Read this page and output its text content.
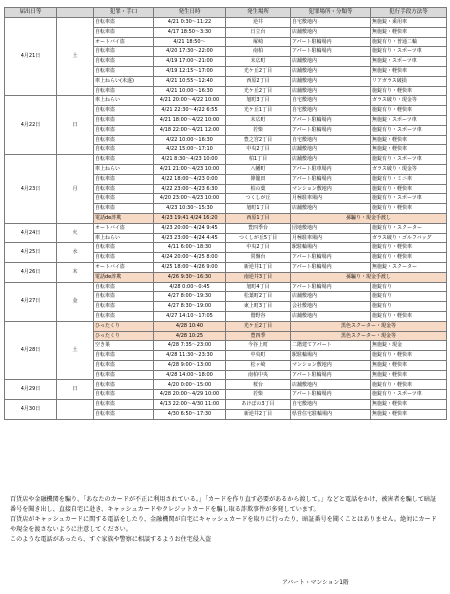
届出日等		犯罪・手口	発生日時	発生場所	犯罪場所・分類等	犯行手段方法等
4月21日	土	自転車盗	4/21 0:30～11:22	逆井	自宅敷地内	無施錠・乗用車
		自転車盗	4/17 18:50～3:30	日立台	店舗敷地内	無施錠・軽快車
		オートバイ盗	4/21 18:50～	塚崎	アパート駐輪場内	施錠有り・普通二輪
		自転車盗	4/20 17:30～22:00	南柏	アパート駐輪場内	施錠有り・スポーツ車
		自転車盗	4/19 17:00～21:00	末広町	店舗敷地内	無施錠・スポーツ車
		自転車盗	4/19 12:15～17:00	光ケ丘2丁目	店舗敷地内	無施錠・軽快車
		車上ねらい(未遂)	4/21 10:55～12:40	西原2丁目	店舗敷地内	リアガラス破損
		自転車盗	4/21 10:00～16:30	光ケ丘2丁目	店舗敷地内	施錠有り・軽快車
4月22日	日	車上ねらい	4/21 20:00～4/22 10:00	旭町3丁目	自宅敷地内	ガラス破り・現金等
		自転車盗	4/21 22:30～4/22 6:55	光ケ丘1丁目	自宅敷地内	施錠有り・軽快車
		自転車盗	4/21 18:00～4/22 10:00	末広町	アパート駐輪場内	無施錠・スポーツ車
		自転車盗	4/18 22:00～4/21 12:00	若柴	アパート駐輪場内	施錠有り・スポーツ車
		自転車盗	4/22 10:00～16:30	豊之宮2丁目	自宅敷地内	無施錠・軽快車
		自転車盗	4/22 15:00～17:10	中央2丁目	店舗敷地内	無施錠・軽快車
4月23日	月	自転車盗	4/21 8:30～4/23 10:00	柏1丁目	店舗敷地内	施錠有り・スポーツ車
		車上ねらい	4/21 21:00～4/23 10:00	八幡町	アパート駐車場内	ガラス破り・現金等
		自転車盗	4/22 18:00～4/23 0:00	篠籠田	アパート駐輪場内	施錠有り・ミニ車
		自転車盗	4/22 23:00～4/23 6:30	柏の葉	マンション敷地内	施錠有り・軽快車
		自転車盗	4/20 23:00～4/23 10:00	つくしが丘	月極駐車場内	施錠有り・スポーツ車
		自転車盗	4/23 10:30～15:30	旭町1丁目	店舗敷地内	施錠有り・軽快車
		電話de詐欺	4/23 19:41 4/24 16:20	西原1丁目	孫騙り・現金手渡し	
4月24日	火	オートバイ盗	4/23 20:00～4/24 9:45	豊四季台	団地敷地内	施錠有り・スクーター
		車上ねらい	4/23 23:00～4/24 4:45	つくしが丘5丁目	月極駐車場内	ガラス破り・ゴルフバッグ
4月25日	水	自転車盗	4/11 6:00～18:30	中央2丁目	駅駐輪場内	施錠有り・軽快車
		自転車盗	4/24 20:00～4/25 8:00	常盤台	アパート駐輪場内	施錠有り・軽快車
4月26日	木	オートバイ盗	4/25 18:00～4/26 9:00	新逆井1丁目	アパート駐輪場内	無施錠・スクーター
		電話de詐欺	4/26 9:30～16:30	南逆井3丁目	孫騙り・現金手渡し	
4月27日	金	自転車盗	4/28 0:00～0:45	旭町4丁目	アパート駐輪場内	施錠有り
		自転車盗	4/27 8:00～19:30	松葉町2丁目	店舗敷地内	施錠有り
		自転車盗	4/27 8:30～19:00	東上町3丁目	会社敷地内	施錠有り
		自転車盗	4/27 14:10～17:05	鷲野谷	店舗敷地内	施錠有り・軽快車
4月28日	土	ひったくり	4/28 10:40	光ケ丘2丁目	黒色スクーター・現金等	
		ひったくり	4/28 10:25	豊四季	黒色スクーター・現金等	
		空き巣	4/28 7:35～23:00	今谷上町	二階建てアパート	無施錠・現金
		自転車盗	4/28 11:30～23:30	中央町	駅駐輪場内	施錠有り・軽快車
		自転車盗	4/28 9:00～13:00	松ヶ崎	マンション敷地内	無施錠・軽快車
		自転車盗	4/28 14:00～18:00	南柏中央	アパート駐輪場内	無施錠・軽快車
4月29日	日	自転車盗	4/20 0:00～15:00	桜台	店舗敷地内	施錠有り・軽快車
		自転車盗	4/28 20:00～4/29 10:00	若柴	アパート駐輪場内	施錠有り・スポーツ車
4月30日		自転車盗	4/13 22:00～4/30 11:00	あけぼの3丁目	自宅敷地内	無施錠・軽快車
		自転車盗	4/30 6:50～17:30	新逆井2丁目	県営住宅駐輪場内	無施錠・軽快車

百貨店や金融機関を騙り、「あなたのカードが不正に利用されている。」「カードを作り直す必要があるから渡して。」などと電話をかけ、被害者を騙して暗証番号を聞き出し、直接自宅に赴き、キャッシュカードやクレジットカードを騙し取る詐欺事件が多発しています。

百貨店がキャッシュカードに関する電話をしたり、金融機関が自宅にキャッシュカードを取りに行ったり、暗証番号を聞くことはありません。絶対にカードや現金を渡さないように注意してください。

このような電話があったら、すぐ家族や警察に相談するようお住宅侵入盗

アパート・マンション1階
